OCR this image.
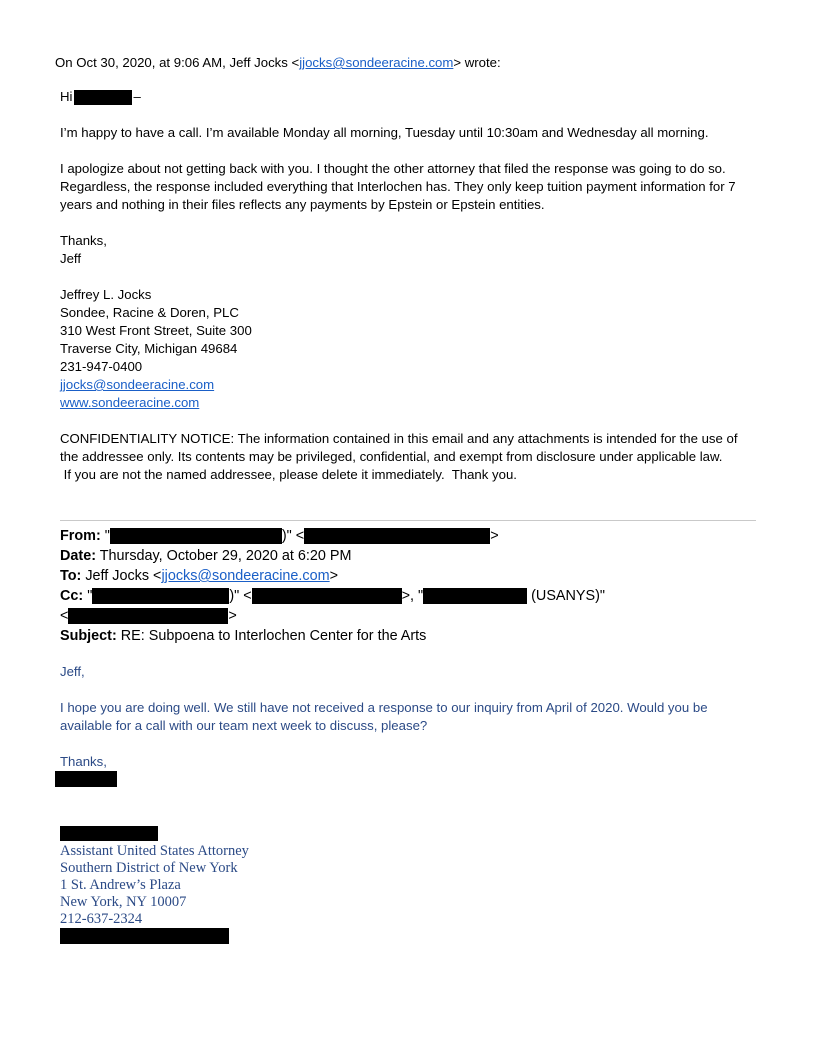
On Oct 30, 2020, at 9:06 AM, Jeff Jocks <jjocks@sondeeracine.com> wrote:
Hi	–
I’m happy to have a call. I’m available Monday all morning, Tuesday until 10:30am and Wednesday all morning.
I apologize about not getting back with you. I thought the other attorney that filed the response was going to do so.
Regardless, the response included everything that Interlochen has. They only keep tuition payment information for 7
years and nothing in their files reflects any payments by Epstein or Epstein entities.
Thanks,
Jeff
Jeffrey L. Jocks
Sondee, Racine & Doren, PLC
310 West Front Street, Suite 300
Traverse City, Michigan 49684
231-947-0400
jjocks@sondeeracine.com
www.sondeeracine.com
CONFIDENTIALITY NOTICE: The information contained in this email and any attachments is intended for the use of
the addressee only. Its contents may be privileged, confidential, and exempt from disclosure under applicable law.
If you are not the named addressee, please delete it immediately.  Thank you.
From: "	)" <	>
Date: Thursday, October 29, 2020 at 6:20 PM
To: Jeff Jocks <jjocks@sondeeracine.com>
Cc: "	)" <	>, "	(USANYS)"
<	>
Subject: RE: Subpoena to Interlochen Center for the Arts
Jeff,
I hope you are doing well. We still have not received a response to our inquiry from April of 2020. Would you be
available for a call with our team next week to discuss, please?
Thanks,
Assistant United States Attorney
Southern District of New York
1 St. Andrew’s Plaza
New York, NY 10007
212-637-2324
